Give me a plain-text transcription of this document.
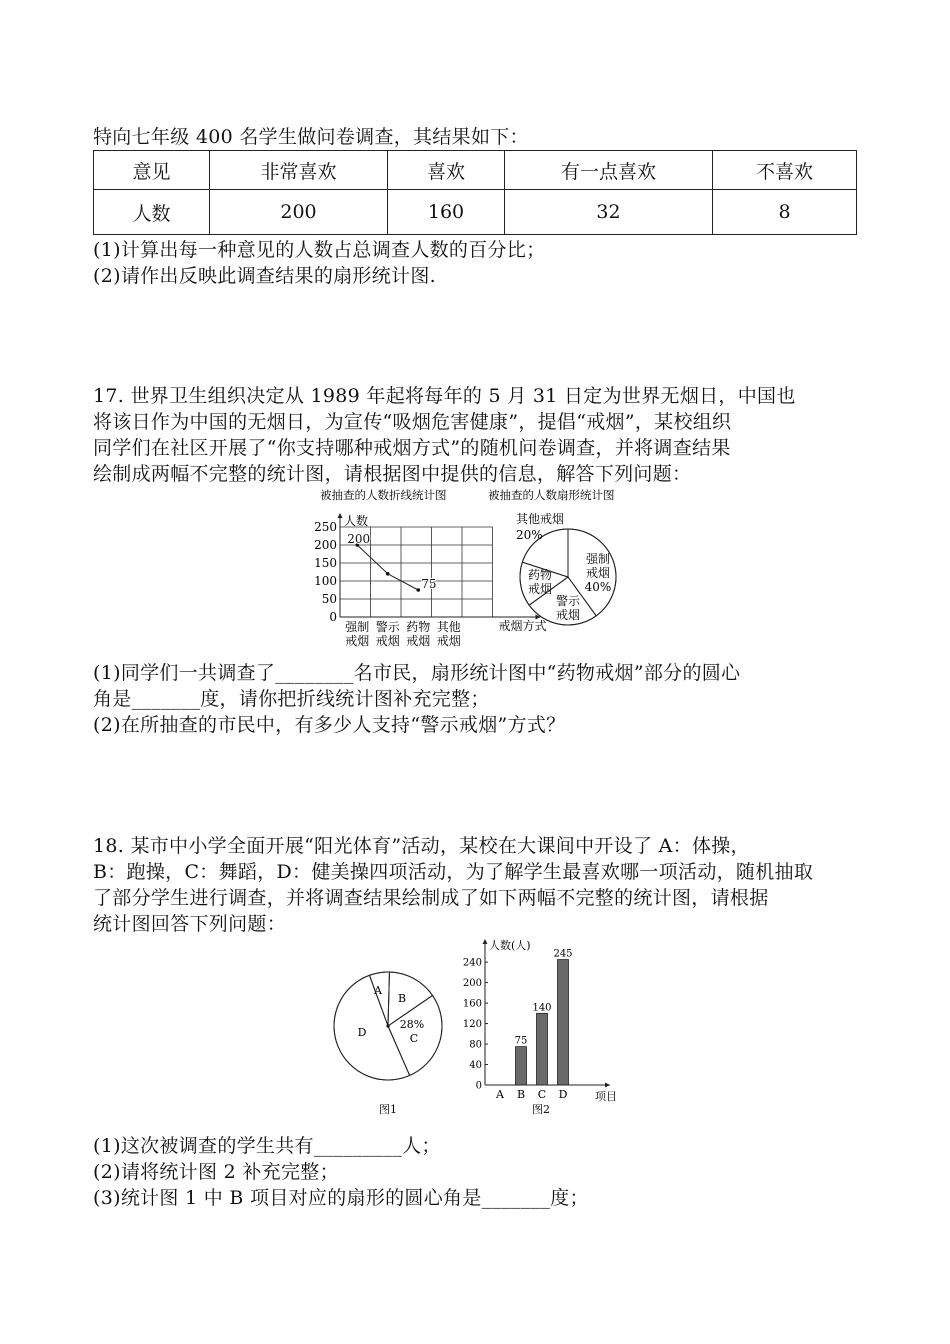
特向七年级 400 名学生做问卷调查，其结果如下：
意见	非常喜欢	喜欢	有一点喜欢	不喜欢
人数	200	160	32	8
(1)计算出每一种意见的人数占总调查人数的百分比；
(2)请作出反映此调查结果的扇形统计图.
17. 世界卫生组织决定从 1989 年起将每年的 5 月 31 日定为世界无烟日，中国也
将该日作为中国的无烟日，为宣传“吸烟危害健康”，提倡“戒烟”，某校组织
同学们在社区开展了“你支持哪种戒烟方式”的随机问卷调查，并将调查结果
绘制成两幅不完整的统计图，请根据图中提供的信息，解答下列问题：
被抽查的人数折线统计图	被抽查的人数扇形统计图
人数
戒烟方式
250
200
150
100
50
0
强制戒烟
警示戒烟
药物戒烟
其他戒烟
200
75
强制戒烟
40%
警示戒烟
药物戒烟
其他戒烟
20%
(1)同学们一共调查了________名市民，扇形统计图中“药物戒烟”部分的圆心
角是_______度，请你把折线统计图补充完整；
(2)在所抽查的市民中，有多少人支持“警示戒烟”方式？
18. 某市中小学全面开展“阳光体育”活动，某校在大课间中开设了 A：体操，
B：跑操，C：舞蹈，D：健美操四项活动，为了解学生最喜欢哪一项活动，随机抽取
了部分学生进行调查，并将调查结果绘制成了如下两幅不完整的统计图，请根据
统计图回答下列问题：
A
B
28%
C
D
图1
人数(人)
项目
240
200
160
120
80
40
0
A B C D
75
140
245
图2
(1)这次被调查的学生共有_________人；
(2)请将统计图 2 补充完整；
(3)统计图 1 中 B 项目对应的扇形的圆心角是_______度；
